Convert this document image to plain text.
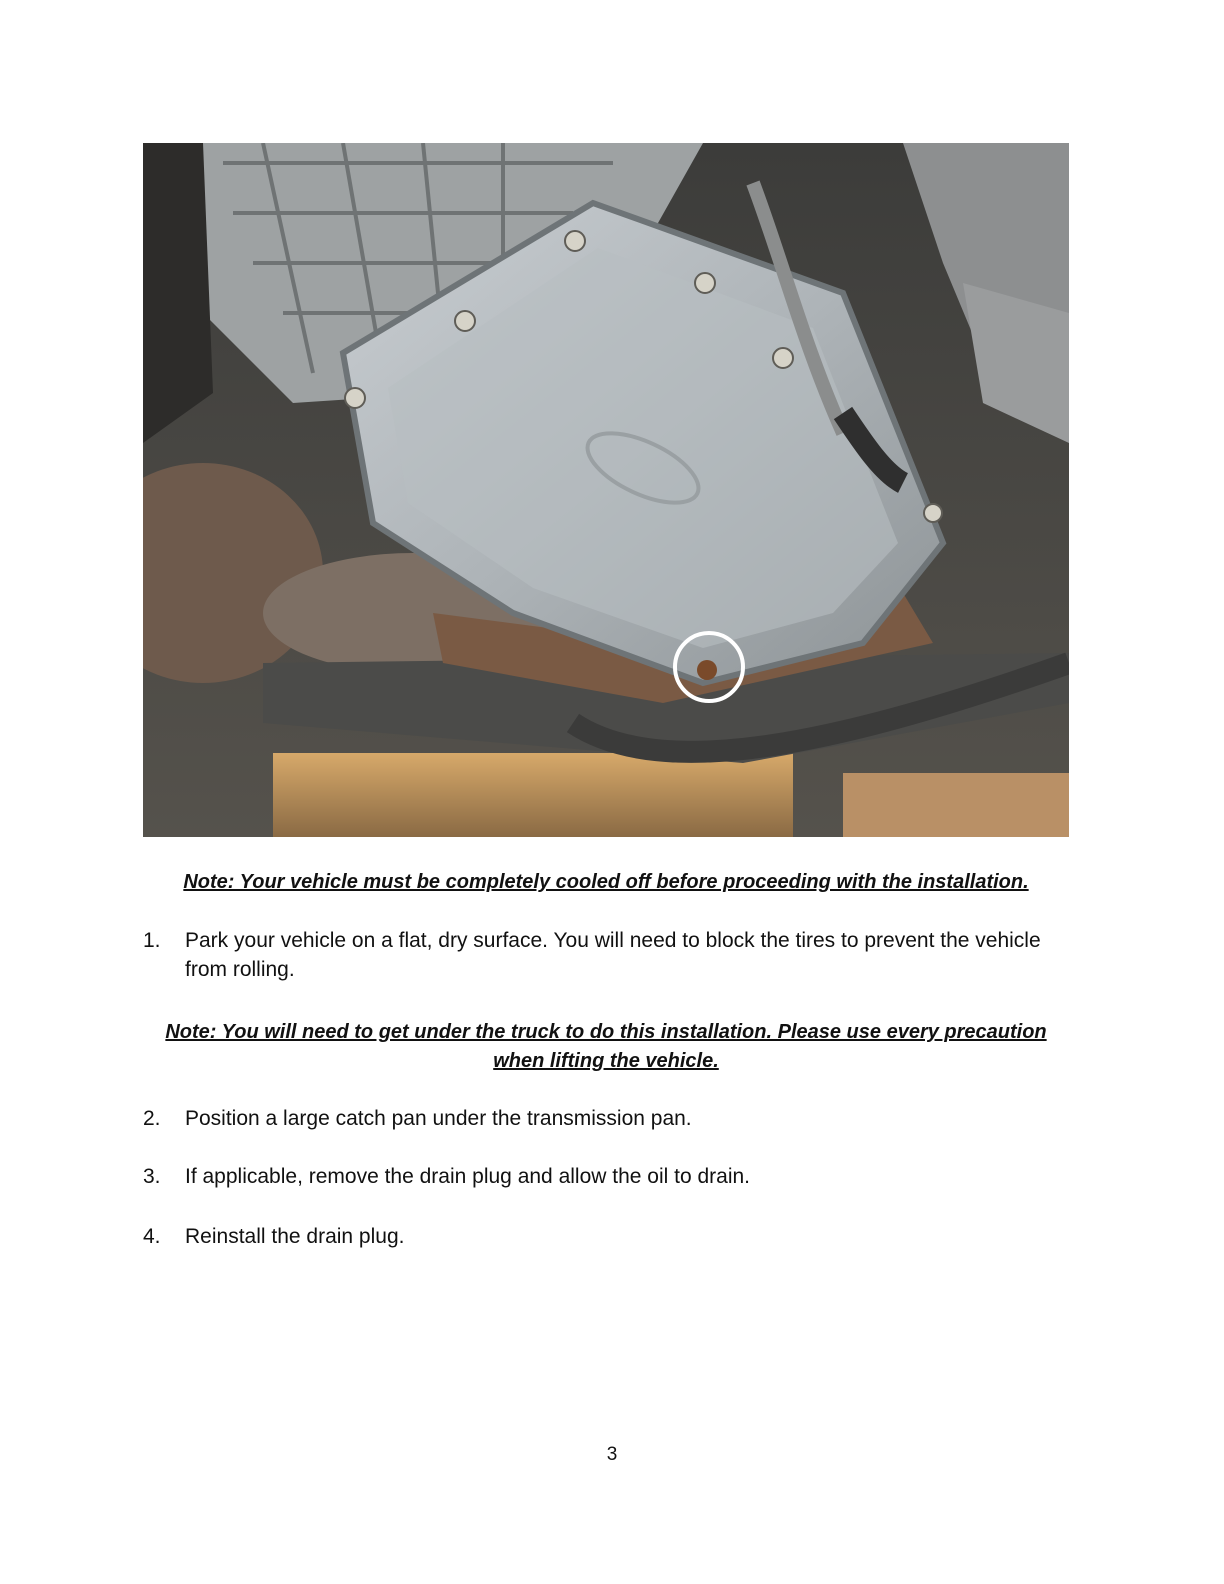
Note: Your vehicle must be completely cooled off before proceeding with the installation.
1. Park your vehicle on a flat, dry surface. You will need to block the tires to prevent the vehicle from rolling.
Note: You will need to get under the truck to do this installation. Please use every precaution when lifting the vehicle.
2. Position a large catch pan under the transmission pan.
3. If applicable, remove the drain plug and allow the oil to drain.
4. Reinstall the drain plug.
3
